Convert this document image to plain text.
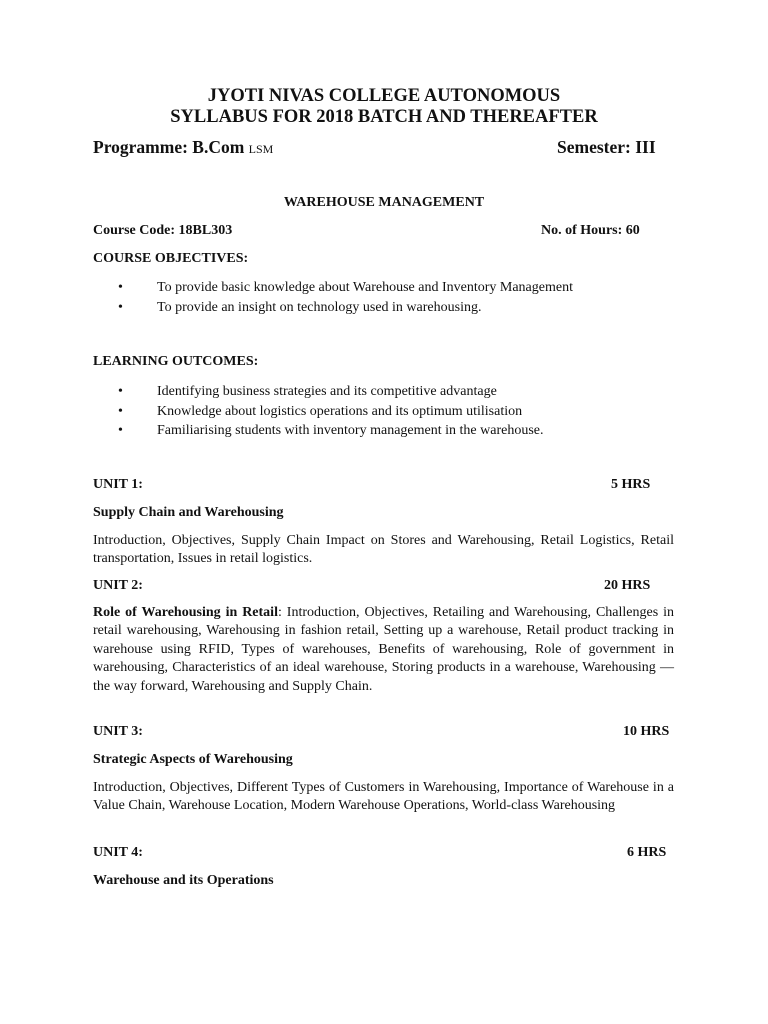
JYOTI NIVAS COLLEGE AUTONOMOUS
SYLLABUS FOR 2018 BATCH AND THEREAFTER
Programme: B.Com LSM	Semester: III
WAREHOUSE MANAGEMENT
Course Code: 18BL303	No. of Hours: 60
COURSE OBJECTIVES:
• To provide basic knowledge about Warehouse and Inventory Management
• To provide an insight on technology used in warehousing.
LEARNING OUTCOMES:
• Identifying business strategies and its competitive advantage
• Knowledge about logistics operations and its optimum utilisation
• Familiarising students with inventory management in the warehouse.
UNIT 1:	5 HRS
Supply Chain and Warehousing
Introduction, Objectives, Supply Chain Impact on Stores and Warehousing, Retail Logistics, Retail transportation, Issues in retail logistics.
UNIT 2:	20 HRS
Role of Warehousing in Retail: Introduction, Objectives, Retailing and Warehousing, Challenges in retail warehousing, Warehousing in fashion retail, Setting up a warehouse, Retail product tracking in warehouse using RFID, Types of warehouses, Benefits of warehousing, Role of government in warehousing, Characteristics of an ideal warehouse, Storing products in a warehouse, Warehousing — the way forward, Warehousing and Supply Chain.
UNIT 3:	10 HRS
Strategic Aspects of Warehousing
Introduction, Objectives, Different Types of Customers in Warehousing, Importance of Warehouse in a Value Chain, Warehouse Location, Modern Warehouse Operations, World-class Warehousing
UNIT 4:	6 HRS
Warehouse and its Operations
